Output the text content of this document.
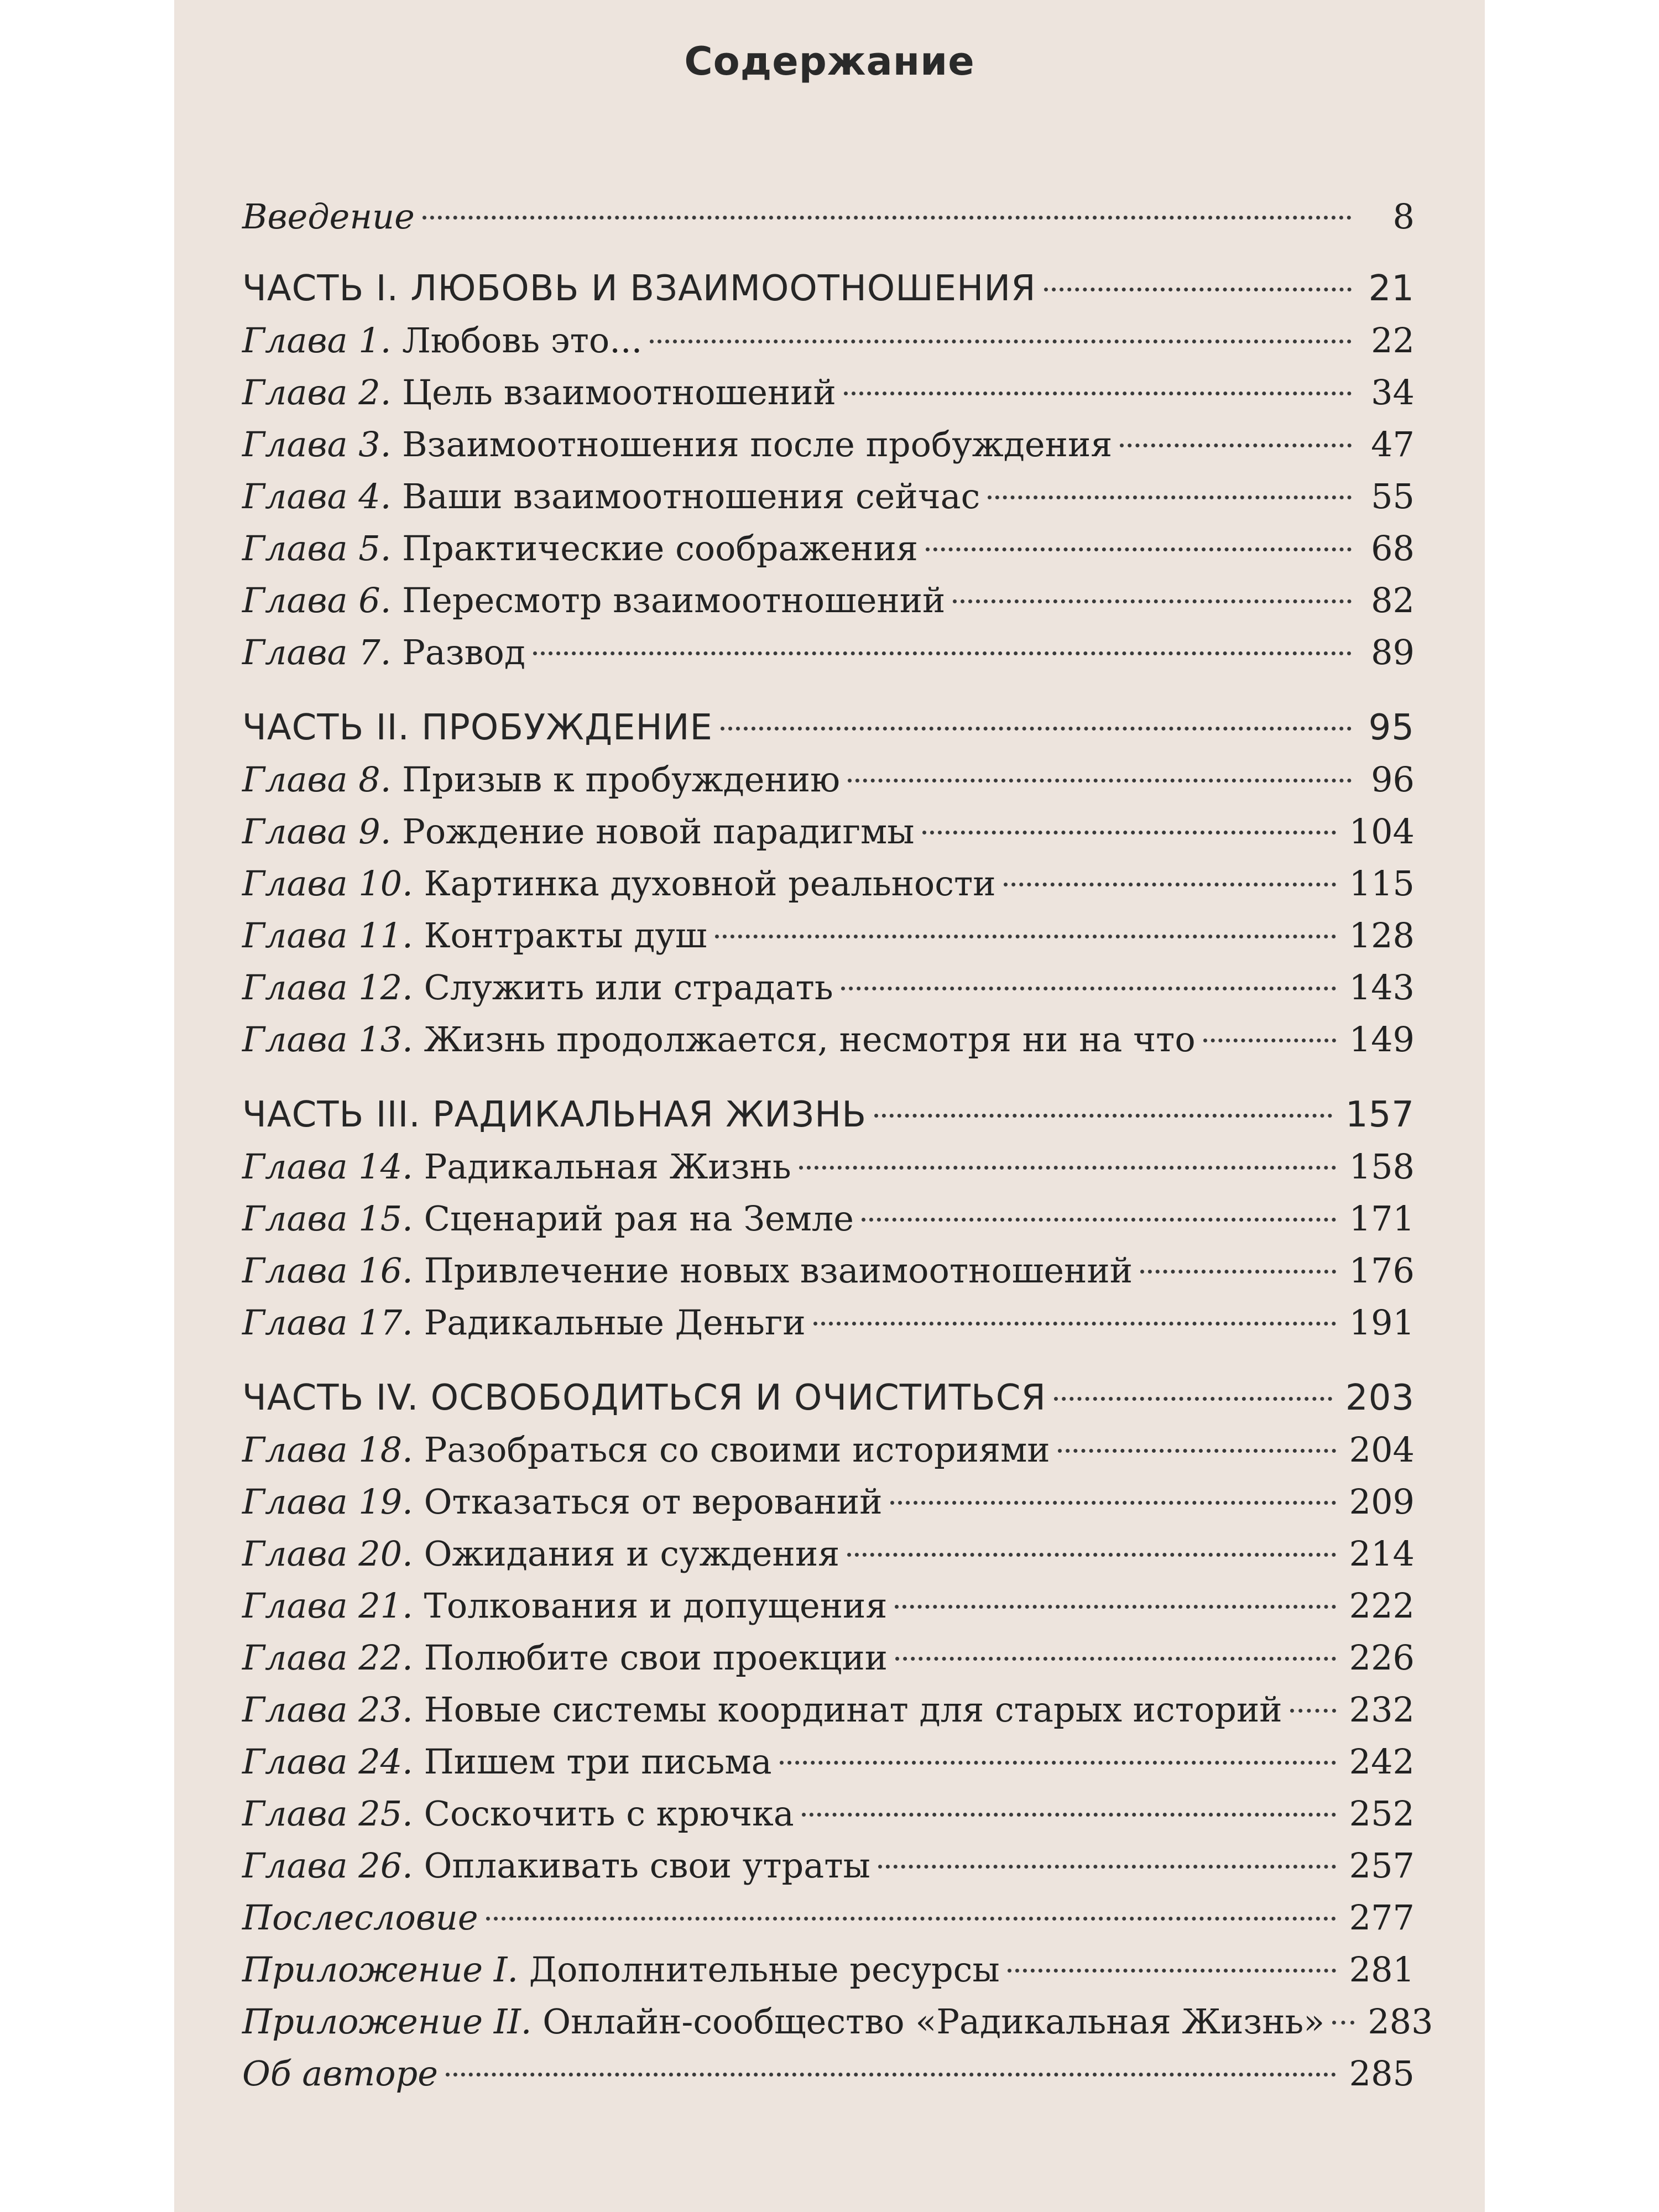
Содержание
Введение	8
ЧАСТЬ I. ЛЮБОВЬ И ВЗАИМООТНОШЕНИЯ	21
Глава 1. Любовь это...	22
Глава 2. Цель взаимоотношений	34
Глава 3. Взаимоотношения после пробуждения	47
Глава 4. Ваши взаимоотношения сейчас	55
Глава 5. Практические соображения	68
Глава 6. Пересмотр взаимоотношений	82
Глава 7. Развод	89
ЧАСТЬ II. ПРОБУЖДЕНИЕ	95
Глава 8. Призыв к пробуждению	96
Глава 9. Рождение новой парадигмы	104
Глава 10. Картинка духовной реальности	115
Глава 11. Контракты душ	128
Глава 12. Служить или страдать	143
Глава 13. Жизнь продолжается, несмотря ни на что	149
ЧАСТЬ III. РАДИКАЛЬНАЯ ЖИЗНЬ	157
Глава 14. Радикальная Жизнь	158
Глава 15. Сценарий рая на Земле	171
Глава 16. Привлечение новых взаимоотношений	176
Глава 17. Радикальные Деньги	191
ЧАСТЬ IV. ОСВОБОДИТЬСЯ И ОЧИСТИТЬСЯ	203
Глава 18. Разобраться со своими историями	204
Глава 19. Отказаться от верований	209
Глава 20. Ожидания и суждения	214
Глава 21. Толкования и допущения	222
Глава 22. Полюбите свои проекции	226
Глава 23. Новые системы координат для старых историй 232
Глава 24. Пишем три письма	242
Глава 25. Соскочить с крючка	252
Глава 26. Оплакивать свои утраты	257
Послесловие	277
Приложение I. Дополнительные ресурсы	281
Приложение II. Онлайн-сообщество «Радикальная Жизнь» 283
Об авторе	285
